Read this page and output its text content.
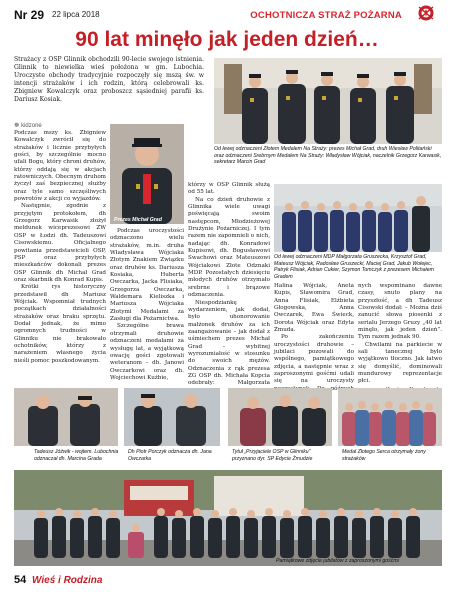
Nr 29 22 lipca 2018	OCHOTNICZA STRAŻ POŻARNA
90 lat minęło jak jeden dzień…
Strażacy z OSP Glinnik obchodzili 90-lecie swojego istnienia. Glinnik to niewielka wieś położona w gm. Lubochia. Uroczyste obchody tradycyjnie rozpoczęły się mszą św. w intencji strażaków i ich rodzin, którą celebrowali ks. Zbigniew Kowalczyk oraz proboszcz sąsiedniej parafii ks. Dariusz Kosiak.
☸ kidzone
Od lewej odznaczeni Złotem Medalem Na Straży: prezes Michał Grad, druh Wiesław Politański oraz odznaczeni Srebrnym Medalem Na Straży: Władysław Wójciak, naczelnik Grzegorz Karwasik, sekretarz Marcin Grad
Prezes Michał Grad

Podczas mszy ks. Zbigniew Kowalczyk zwrócił się do strażaków i licznie przybyłych gości, by szczególnie mocno ufali Bogu, który chroni druhów, którzy oddają się w akcjach ratowniczych. Obecnym druhom życzył zaś bezpiecznej służby oraz tyle samo szczęśliwych powrotów z akcji co wyjazdów.

Następnie, zgodnie z przyjętym protokołem, dh Grzegorz Karwasik złożył meldunek wiceprezesowi ZW OSP w Łodzi dh. Tadeuszowi Cisowskiemu. Oficjalnego powitania przedstawicieli OSP, PSP oraz przybyłych mieszkańców dokonali prezes OSP Glinnik dh Michał Grad oraz skarbnik dh Konrad Kupis.

Krótki rys historyczny przedstawił dh Mariusz Wójciak. Wspomniał trudnych początkach działalności strażaków oraz braku sprzętu. Dodał jednak, że mimo ogromnych trudności w Glinniku nie brakowało ochotników, którzy z narażeniem własnego życia nieśli pomoc poszkodowanym.

Podczas uroczystości odznaczono wielu strażaków, m.in. druha Władysława Wójciaka Złotym Znakiem Związku oraz druhów ks. Dariusza Kosiaka, Huberta Owczarka, Jacka Flisiaka, Grzegorza Owczarka, Waldemara Kieliszka i Mariusza Wójciaka Złotymi Medalami za Zasługi dla Pożarnictwa.

Szczególne brawa otrzymali druhowie odznaczeni medalami za wysługę lat, a wyjątkową owację gości zgotowali weteranom – dh. Janowi Owczarkowi oraz dh. Wojciechowi Kuźbie,

którzy w OSP Glinnik służą od 55 lat.

Na co dzień druhowie z Glinnika wiele uwagi poświęcają swoim następcom, Młodzieżowej Drużynie Pożarniczej. I tym razem nie zapomnieli o nich, nadając dh. Konradowi Kupisowi, dh. Bogusławowi Swachowi oraz Mateuszowi Wójciakowi Złote Odznaki MDP. Pozostałych dziesięciu młodych druhów otrzymało srebrne i brązowe odznaczenia.

Niespodziankę wydarzeniem, jak dodał, było uhonorowanie małżonek druhów za ich zaangażowanie – jak dodał z uśmiechem prezes Michał Grad – wybitnej wyrozumiałość w stosunku do swoich mężów. Odznaczenia z rąk prezesa ZG OSP dh. Michała Kopcia odebrały: Małgorzata

Od lewej odznaczeni MDP Małgorzata Gruszecka, Krzysztof Grad, Mateusz Wójciak, Radosław Gruszecki, Maciej Grad, Jakub Wołejec, Patryk Flisiak, Adrian Cukier, Szymon Tomczyk z prezesem Michałem Gradem

Halina Wójciak, Aneta Kupis, Sławomira Grad, Anna Flisiak, Elżbieta Głogowska, Anna Owczarek, Ewa Świeck, Dorota Wójciak oraz Edyta Żmuda.

Po zakończeniu uroczystości druhowie – jubilaci pozowali do wspólnego, pamiątkowego zdjęcia, a następnie wraz z zaproszonymi gośćmi udali się na uroczysty

nych wspominano dawne czasy, snuto plany na przyszłość, a dh Tadeusz Cisowski dodał: – Można dziś zanucić słowa piosenki z serialu Jerzego Gruzy „40 lat minęło, jak jeden dzień”. Tym razem jednak 90.

Chwilami na parkiecie w sali tanecznej było wyjątkowo tłoczno. Jak łatwo się domyślić, dominowali mundurowy reprezentacje płci.

Tadeusz Jóźwik - wojtem. Lubochnia odznaczał dh. Marcina Grada
Dh Piotr Porczyk odznacza dh. Jana Owczarka
Tytuł „Przyjaciele OSP w Glinniku” przyznano dyr. SP Edycie Żmudzie
Medal Złotego Serca otrzymały żony strażaków
Pamiątkowe zdjęcie jubilatów z zaproszonymi gośćmi
54 Wieś i Rodzina
